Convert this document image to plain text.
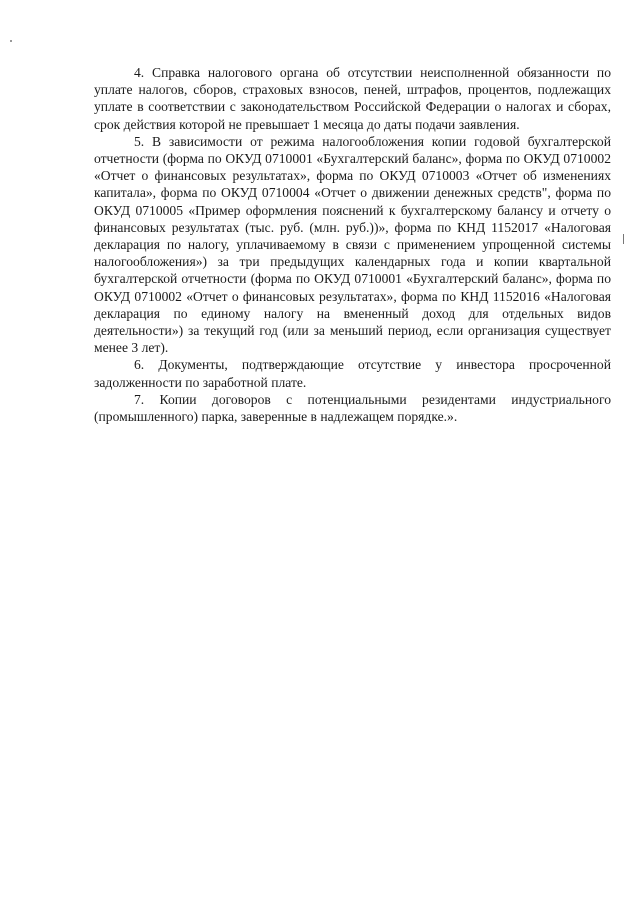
4. Справка налогового органа об отсутствии неисполненной обязанности по уплате налогов, сборов, страховых взносов, пеней, штрафов, процентов, подлежащих уплате в соответствии с законодательством Российской Федерации о налогах и сборах, срок действия которой не превышает 1 месяца до даты подачи заявления.

5. В зависимости от режима налогообложения копии годовой бухгалтерской отчетности (форма по ОКУД 0710001 «Бухгалтерский баланс», форма по ОКУД 0710002 «Отчет о финансовых результатах», форма по ОКУД 0710003 «Отчет об изменениях капитала», форма по ОКУД 0710004 «Отчет о движении денежных средств", форма по ОКУД 0710005 «Пример оформления пояснений к бухгалтерскому балансу и отчету о финансовых результатах (тыс. руб. (млн. руб.))», форма по КНД 1152017 «Налоговая декларация по налогу, уплачиваемому в связи с применением упрощенной системы налогообложения») за три предыдущих календарных года и копии квартальной бухгалтерской отчетности (форма по ОКУД 0710001 «Бухгалтерский баланс», форма по ОКУД 0710002 «Отчет о финансовых результатах», форма по КНД 1152016 «Налоговая декларация по единому налогу на вмененный доход для отдельных видов деятельности») за текущий год (или за меньший период, если организация существует менее 3 лет).

6. Документы, подтверждающие отсутствие у инвестора просроченной задолженности по заработной плате.

7. Копии договоров с потенциальными резидентами индустриального (промышленного) парка, заверенные в надлежащем порядке.».
